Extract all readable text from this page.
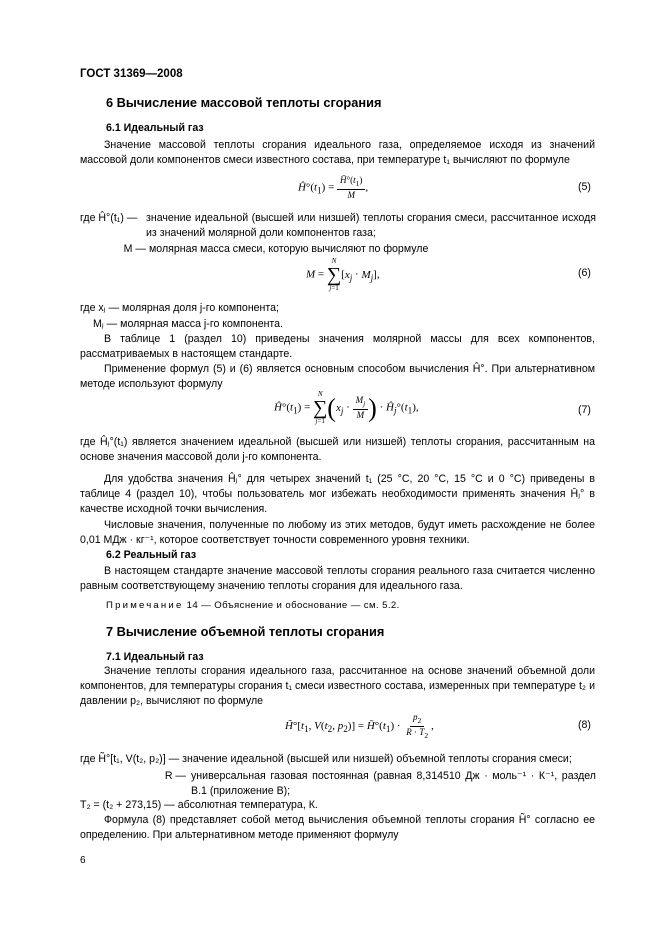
ГОСТ 31369—2008
6 Вычисление массовой теплоты сгорания
6.1 Идеальный газ
Значение массовой теплоты сгорания идеального газа, определяемое исходя из значений массовой доли компонентов смеси известного состава, при температуре t₁ вычисляют по формуле
$Ĥ^\circ(t_1) = \frac{H̄^\circ(t_1)}{M}$ ,	(5)
где Ĥ°(t₁) — значение идеальной (высшей или низшей) теплоты сгорания смеси, рассчитанное исходя из значений молярной доли компонентов газа;
M — молярная масса смеси, которую вычисляют по формуле
M =
N
∑
j=1
$[x_j \cdot M_j]$,	(6)
где xⱼ — молярная доля j-го компонента;
Mⱼ — молярная масса j-го компонента.
В таблице 1 (раздел 10) приведены значения молярной массы для всех компонентов, рассматриваемых в настоящем стандарте.
Применение формул (5) и (6) является основным способом вычисления Ĥ°. При альтернативном методе используют формулу
$Ĥ^\circ(t_1)$ =
N
∑
j=1 ($x_j \cdot \frac{M_j}{M}$ ) · $Ĥ_j^\circ(t_1)$,	(7)
где Ĥⱼ°(t₁) является значением идеальной (высшей или низшей) теплоты сгорания, рассчитанным на основе значения массовой доли j-го компонента.
Для удобства значения Ĥⱼ° для четырех значений t₁ (25 °C, 20 °C, 15 °C и 0 °C) приведены в таблице 4 (раздел 10), чтобы пользователь мог избежать необходимости применять значения H̄ⱼ° в качестве исходной точки вычисления.
Числовые значения, полученные по любому из этих методов, будут иметь расхождение не более 0,01 МДж · кг⁻¹, которое соответствует точности современного уровня техники.
6.2 Реальный газ
В настоящем стандарте значение массовой теплоты сгорания реального газа считается численно равным соответствующему значению теплоты сгорания для идеального газа.
Примечание 14 — Объяснение и обоснование — см. 5.2.
7 Вычисление объемной теплоты сгорания
7.1 Идеальный газ
Значение теплоты сгорания идеального газа, рассчитанное на основе значений объемной доли компонентов, для температуры сгорания t₁ смеси известного состава, измеренных при температуре t₂ и давлении p₂, вычисляют по формуле
$H̃^\circ[t_1$, $V(t_2$, $p_2$)] = $H̄^\circ(t_1) \cdot \frac{p_2}{R \cdot T_2}$ ,	(8)
где H̃°[t₁, V(t₂, p₂)] — значение идеальной (высшей или низшей) объемной теплоты сгорания смеси;
R — универсальная газовая постоянная (равная 8,314510 Дж · моль⁻¹ · К⁻¹, раздел В.1 (приложение В);
T₂ = (t₂ + 273,15) — абсолютная температура, К.
Формула (8) представляет собой метод вычисления объемной теплоты сгорания H̃° согласно ее определению. При альтернативном методе применяют формулу
6
